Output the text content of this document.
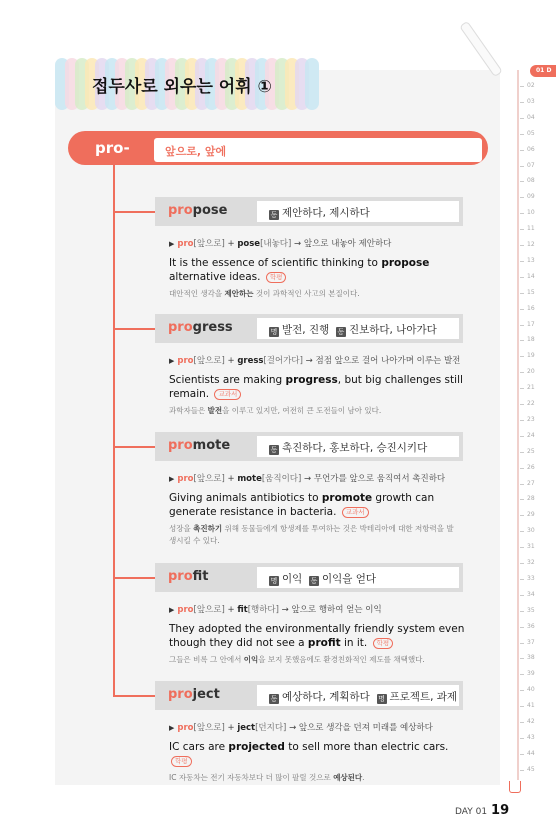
접두사로 외우는 어휘 ①
pro-	앞으로, 앞에
propose	동 제안하다, 제시하다
▶ pro[앞으로] + pose[내놓다] → 앞으로 내놓아 제안하다
It is the essence of scientific thinking to propose alternative ideas. 학평
대안적인 생각을 제안하는 것이 과학적인 사고의 본질이다.
progress	명 발전, 진행 동 진보하다, 나아가다
▶ pro[앞으로] + gress[걸어가다] → 점점 앞으로 걸어 나아가며 이루는 발전
Scientists are making progress, but big challenges still remain. 교과서
과학자들은 발전을 이루고 있지만, 여전히 큰 도전들이 남아 있다.
promote	동 촉진하다, 홍보하다, 승진시키다
▶ pro[앞으로] + mote[움직이다] → 무언가를 앞으로 움직여서 촉진하다
Giving animals antibiotics to promote growth can generate resistance in bacteria. 교과서
성장을 촉진하기 위해 동물들에게 항생제를 투여하는 것은 박테리아에 대한 저항력을 발생시킬 수 있다.
profit	명 이익 동 이익을 얻다
▶ pro[앞으로] + fit[행하다] → 앞으로 행하여 얻는 이익
They adopted the environmentally friendly system even though they did not see a profit in it. 학평
그들은 비록 그 안에서 이익을 보지 못했음에도 환경친화적인 제도를 채택했다.
project	동 예상하다, 계획하다 명 프로젝트, 과제
▶ pro[앞으로] + ject[던지다] → 앞으로 생각을 던져 미래를 예상하다
IC cars are projected to sell more than electric cars. 학평
IC 자동차는 전기 자동차보다 더 많이 팔릴 것으로 예상된다.
01 D
02
03
04
05
06
07
08
09
10
11
12
13
14
15
16
17
18
19
20
21
22
23
24
25
26
27
28
29
30
31
32
33
34
35
36
37
38
39
40
41
42
43
44
45
DAY 01 19
